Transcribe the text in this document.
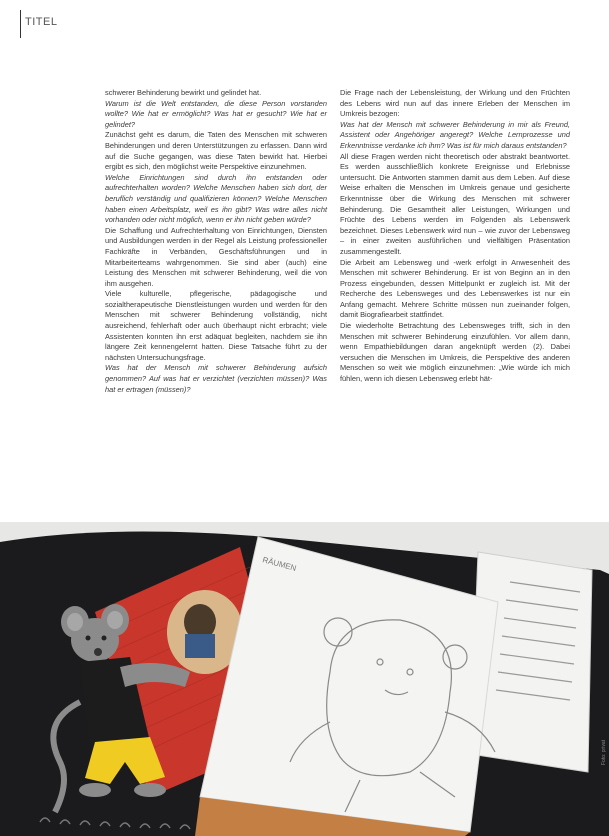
TITEL

schwerer Behinderung bewirkt und gelindet hat.

Warum ist die Welt entstanden, die diese Person vorstanden wollte? Wie hat er ermöglicht? Was hat er gesucht? Wie hat er gelindet?

Zunächst geht es darum, die Taten des Menschen mit schweren Behinderungen und deren Unterstützungen zu erfassen. Dann wird auf die Suche gegangen, was diese Taten bewirkt hat. Hierbei ergibt es sich, den möglichst weite Perspektive einzunehmen.

Welche Einrichtungen sind durch ihn entstanden oder aufrechterhalten worden? Welche Menschen haben sich dort, der beruflich verständig und qualifizieren können? Welche Menschen haben einen Arbeitsplatz, weil es ihn gibt? Was wäre alles nicht vorhanden oder nicht möglich, wenn er ihn nicht geben würde?

Die Schaffung und Aufrechterhaltung von Einrichtungen, Diensten und Ausbildungen werden in der Regel als Leistung professioneller Fachkräfte in Verbänden, Geschäftsführungen und in Mitarbeiterteams wahrgenommen. Sie sind aber (auch) eine Leistung des Menschen mit schwerer Behinderung, weil die von ihm ausgehen.

Viele kulturelle, pflegerische, pädagogische und sozialtherapeutische Dienstleistungen wurden und werden für den Menschen mit schwerer Behinderung vollständig, nicht ausreichend, fehlerhaft oder auch überhaupt nicht erbracht; viele Assistenten konnten ihn erst adäquat begleiten, nachdem sie ihn längere Zeit kennengelernt hatten. Diese Tatsache führt zu der nächsten Untersuchungsfrage.

Was hat der Mensch mit schwerer Behinderung aufsich genommen? Auf was hat er verzichtet (verzichten müssen)? Was hat er ertragen (müssen)?

Die Frage nach der Lebensleistung, der Wirkung und den Früchten des Lebens wird nun auf das innere Erleben der Menschen im Umkreis bezogen:

Was hat der Mensch mit schwerer Behinderung in mir als Freund, Assistent oder Angehöriger angeregt? Welche Lernprozesse und Erkenntnisse verdanke ich ihm? Was ist für mich daraus entstanden?

All diese Fragen werden nicht theoretisch oder abstrakt beantwortet. Es werden ausschließlich konkrete Ereignisse und Erlebnisse untersucht. Die Antworten stammen damit aus dem Leben. Auf diese Weise erhalten die Menschen im Umkreis genaue und gesicherte Erkenntnisse über die Wirkung des Menschen mit schwerer Behinderung. Die Gesamtheit aller Leistungen, Wirkungen und Früchte des Lebens werden im Folgenden als Lebenswerk bezeichnet. Dieses Lebenswerk wird nun – wie zuvor der Lebensweg – in einer zweiten ausführlichen und vielfältigen Präsentation zusammengestellt.

Die Arbeit am Lebensweg und -werk erfolgt in Anwesenheit des Menschen mit schwerer Behinderung. Er ist von Beginn an in den Prozess eingebunden, dessen Mittelpunkt er zugleich ist. Mit der Recherche des Lebensweges und des Lebenswerkes ist nur ein Anfang gemacht. Mehrere Schritte müssen nun zueinander folgen, damit Biografiearbeit stattfindet.

Die wiederholte Betrachtung des Lebensweges trifft, sich in den Menschen mit schwerer Behinderung einzufühlen. Vor allem dann, wenn Empathiebildungen daran angeknüpft werden (2). Dabei versuchen die Menschen im Umkreis, die Perspektive des anderen Menschen so weit wie möglich einzunehmen: „Wie würde ich mich fühlen, wenn ich diesen Lebensweg erlebt hät-

RÄUMEN
Foto: privat
